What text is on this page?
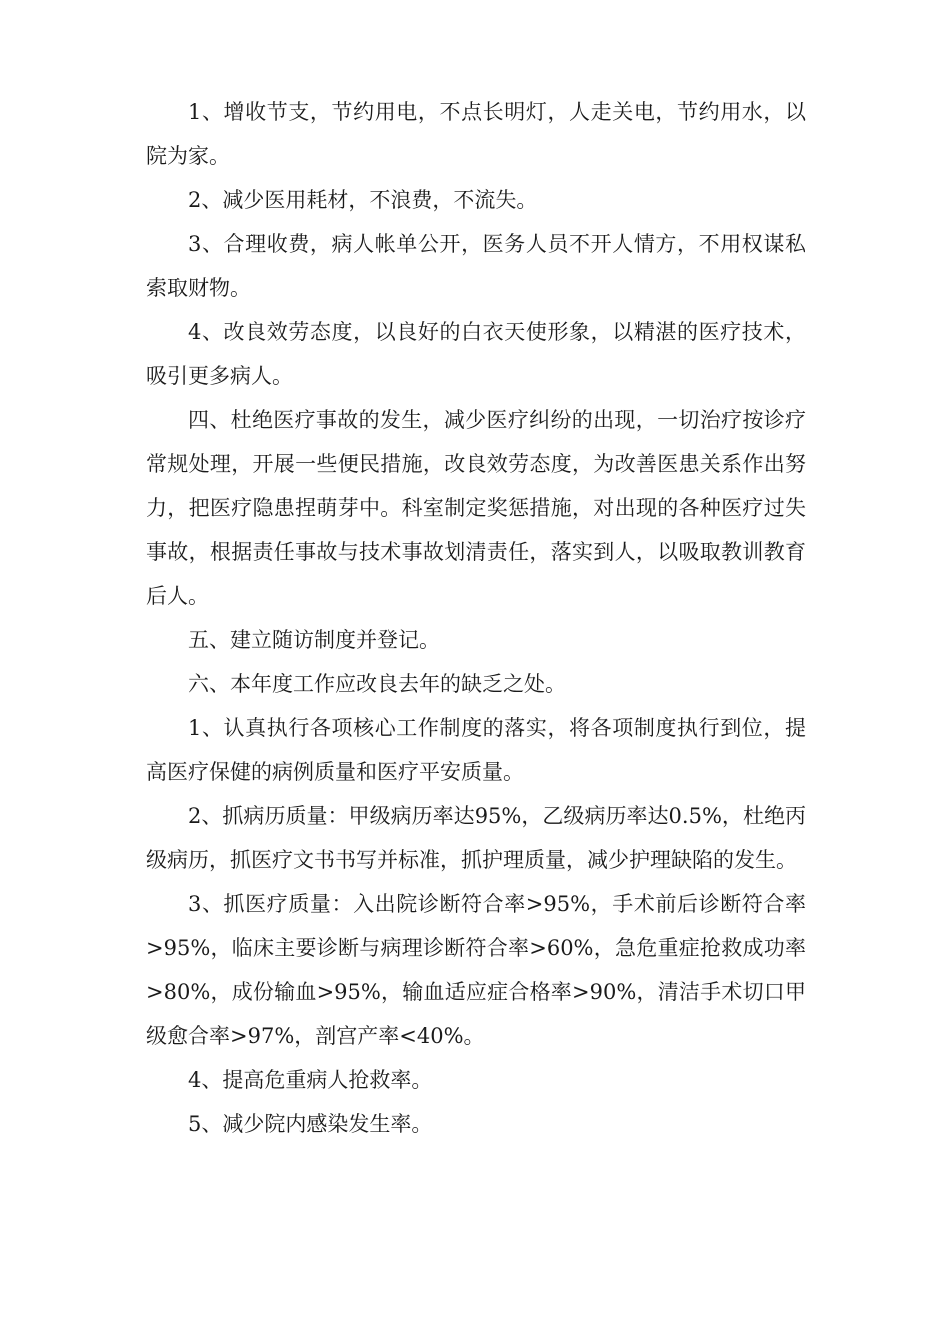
1、增收节支，节约用电，不点长明灯，人走关电，节约用水，以院为家。

2、减少医用耗材，不浪费，不流失。

3、合理收费，病人帐单公开，医务人员不开人情方，不用权谋私索取财物。

4、改良效劳态度，以良好的白衣天使形象，以精湛的医疗技术，吸引更多病人。

四、杜绝医疗事故的发生，减少医疗纠纷的出现，一切治疗按诊疗常规处理，开展一些便民措施，改良效劳态度，为改善医患关系作出努力，把医疗隐患捏萌芽中。科室制定奖惩措施，对出现的各种医疗过失事故，根据责任事故与技术事故划清责任，落实到人，以吸取教训教育后人。

五、建立随访制度并登记。

六、本年度工作应改良去年的缺乏之处。

1、认真执行各项核心工作制度的落实，将各项制度执行到位，提高医疗保健的病例质量和医疗平安质量。

2、抓病历质量：甲级病历率达95%，乙级病历率达0.5%，杜绝丙级病历，抓医疗文书书写并标准，抓护理质量，减少护理缺陷的发生。

3、抓医疗质量：入出院诊断符合率>95%，手术前后诊断符合率>95%，临床主要诊断与病理诊断符合率>60%，急危重症抢救成功率>80%，成份输血>95%，输血适应症合格率>90%，清洁手术切口甲级愈合率>97%，剖宫产率<40%。

4、提高危重病人抢救率。

5、减少院内感染发生率。
